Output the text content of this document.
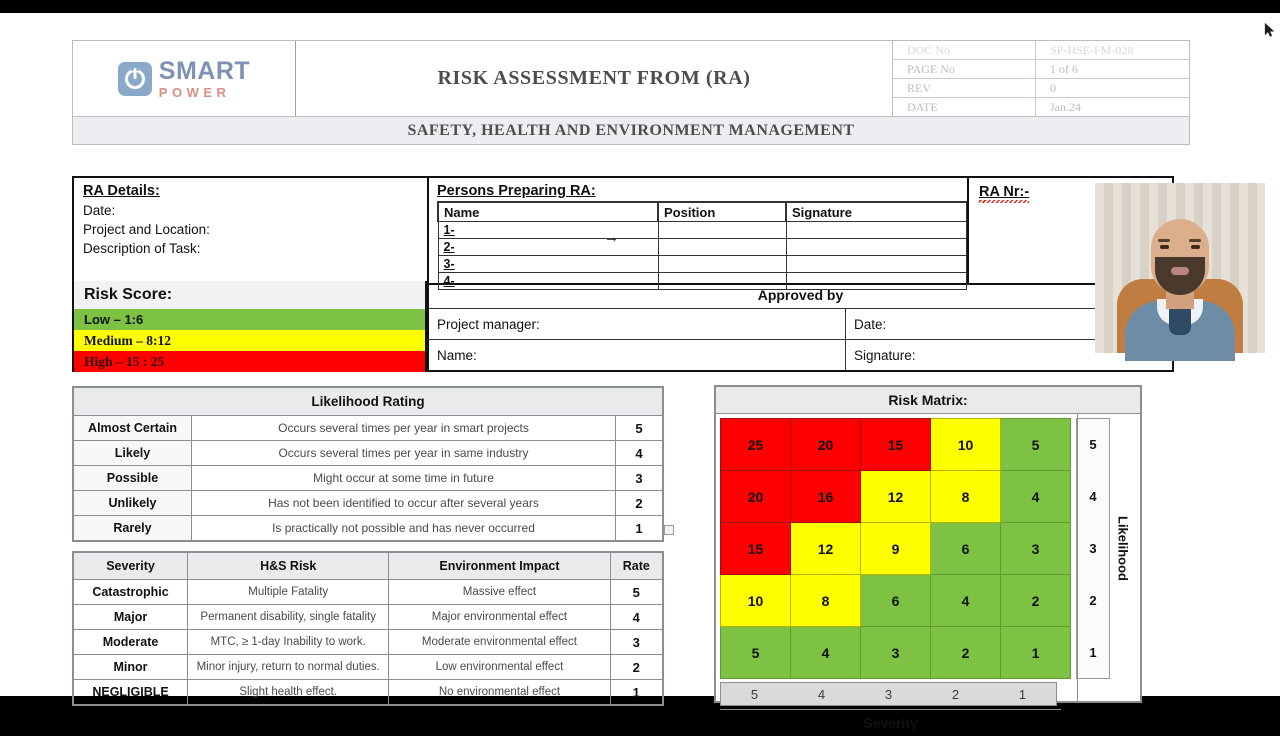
SMART
POWER
RISK ASSESSMENT FROM (RA)
DOC No	SP-HSE-FM-028
PAGE No	1 of 6
REV	0
DATE	Jan.24
SAFETY, HEALTH AND ENVIRONMENT MANAGEMENT
RA Details:
Date:
Project and Location:
Description of Task:
Persons Preparing RA:
Name	Position	Signature
1-		
2-		
3-		
4-		
RA Nr:-
Risk Score:
Low – 1:6
Medium – 8:12
High – 15 : 25
Approved by
Project manager:	Date:
Name:	Signature:
→
Likelihood Rating		
Almost Certain	Occurs several times per year in smart projects	5
Likely	Occurs several times per year in same industry	4
Possible	Might occur at some time in future	3
Unlikely	Has not been identified to occur after several years	2
Rarely	Is practically not possible and has never occurred	1
Severity	H&S Risk	Environment Impact	Rate
Catastrophic	Multiple Fatality	Massive effect	5
Major	Permanent disability, single fatality	Major environmental effect	4
Moderate	MTC, ≥ 1-day Inability to work.	Moderate environmental effect	3
Minor	Minor injury, return to normal duties.	Low environmental effect	2
NEGLIGIBLE	Slight health effect.	No environmental effect	1
Risk Matrix:
25	20	15	10	5
20	16	12	8	4
15	12	9	6	3
10	8	6	4	2
5	4	3	2	1
5
4
3
2
1
Likelihood
5	4	3	2	1
Severity
